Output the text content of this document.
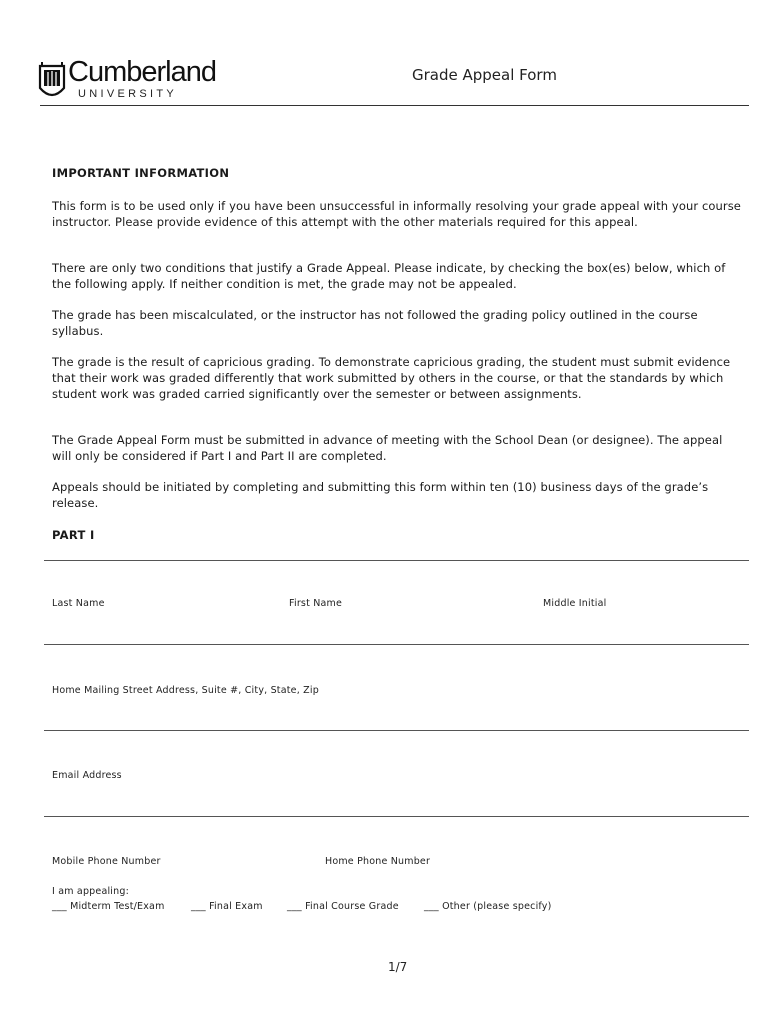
Cumberland
UNIVERSITY
Grade Appeal Form
IMPORTANT INFORMATION
This form is to be used only if you have been unsuccessful in informally resolving your grade appeal with your course instructor. Please provide evidence of this attempt with the other materials required for this appeal.
There are only two conditions that justify a Grade Appeal. Please indicate, by checking the box(es) below, which of the following apply. If neither condition is met, the grade may not be appealed.
The grade has been miscalculated, or the instructor has not followed the grading policy outlined in the course syllabus.
The grade is the result of capricious grading. To demonstrate capricious grading, the student must submit evidence that their work was graded differently that work submitted by others in the course, or that the standards by which student work was graded carried significantly over the semester or between assignments.
The Grade Appeal Form must be submitted in advance of meeting with the School Dean (or designee). The appeal will only be considered if Part I and Part II are completed.
Appeals should be initiated by completing and submitting this form within ten (10) business days of the grade’s release.
PART I
Last Name	First Name	Middle Initial
Home Mailing Street Address, Suite #, City, State, Zip
Email Address
Mobile Phone Number	Home Phone Number
I am appealing:
___ Midterm Test/Exam	___ Final Exam	___ Final Course Grade	___ Other (please specify)
1/7
